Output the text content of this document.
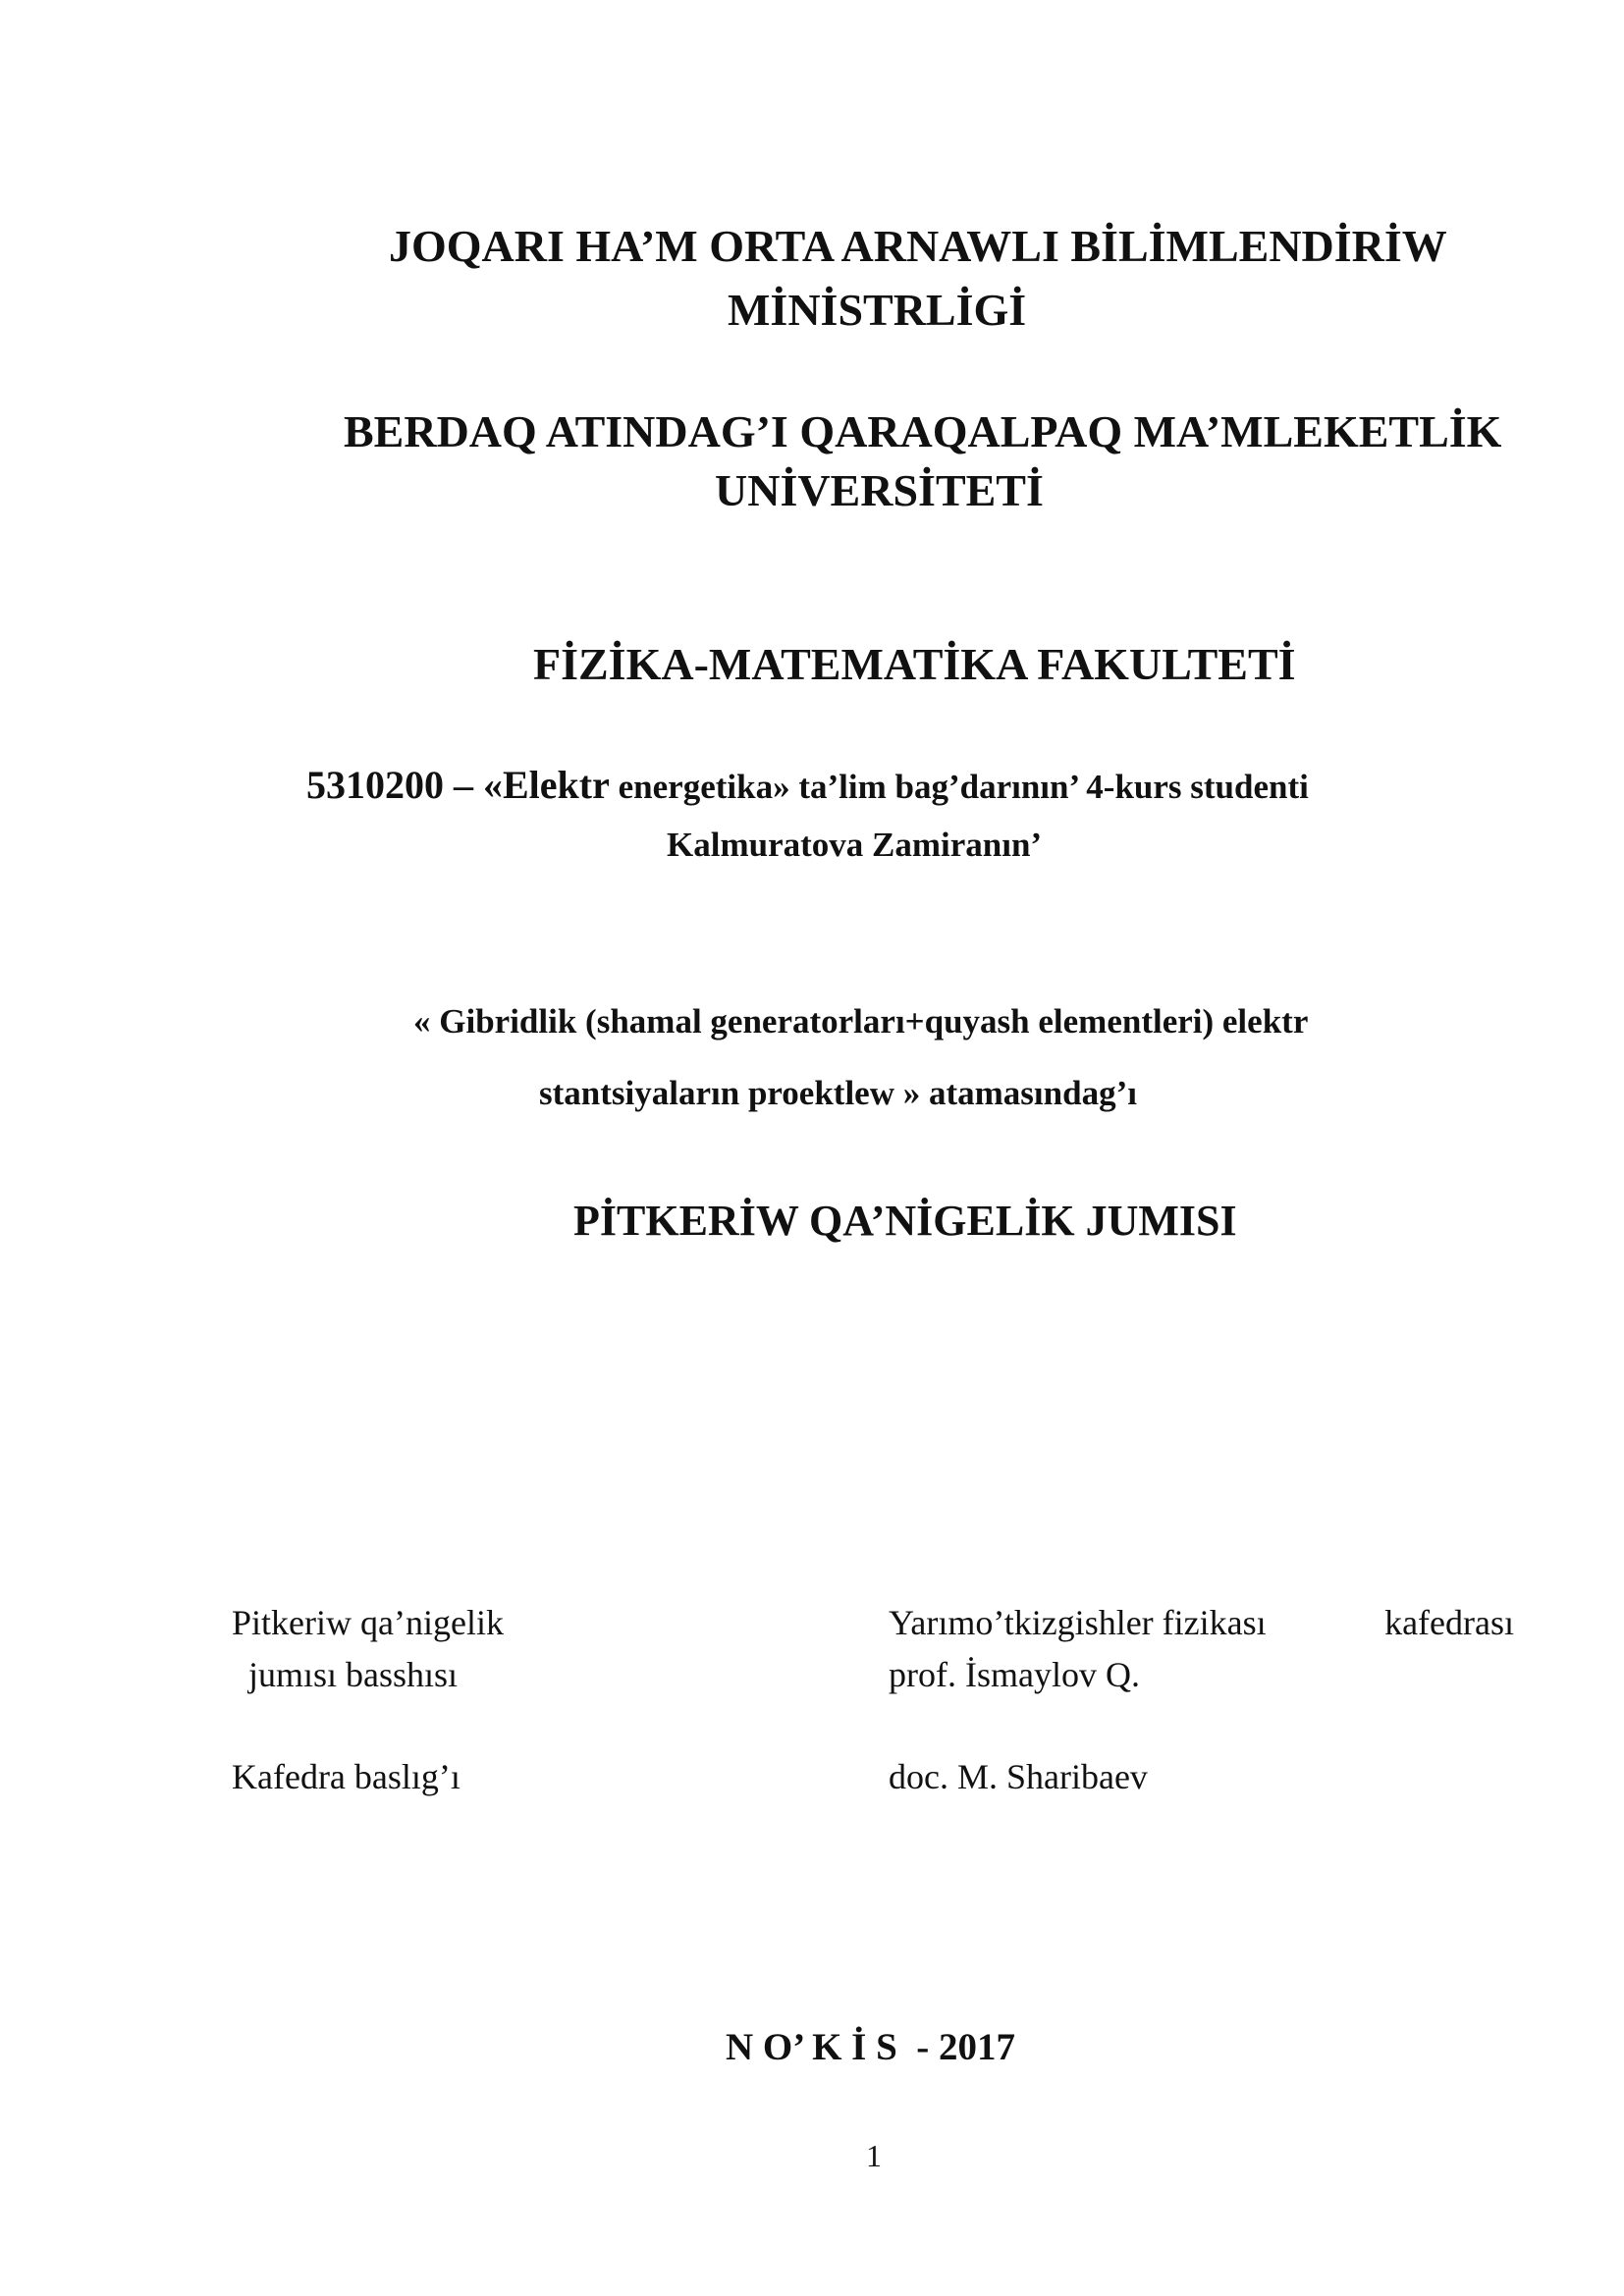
JOQARI HA’M ORTA ARNAWLI BİLİMLENDİRİW
MİNİSTRLİGİ
BERDAQ ATINDAG’I QARAQALPAQ MA’MLEKETLİK
UNİVERSİTETİ
FİZİKA-MATEMATİKA FAKULTETİ
5310200 – «Elektr energetika» ta’lim bag’darının’ 4-kurs studenti
Kalmuratova Zamiranın’
« Gibridlik (shamal generatorları+quyash elementleri) elektr
stantsiyaların proektlew » atamasındag’ı
PİTKERİW QA’NİGELİK JUMISI
Pitkeriw qa’nigelik
jumısı basshısı
Yarımo’tkizgishler fizikası	kafedrası
prof. İsmaylov Q.
Kafedra baslıg’ı	doc. M. Sharibaev
N O’ K İ S  - 2017
1
